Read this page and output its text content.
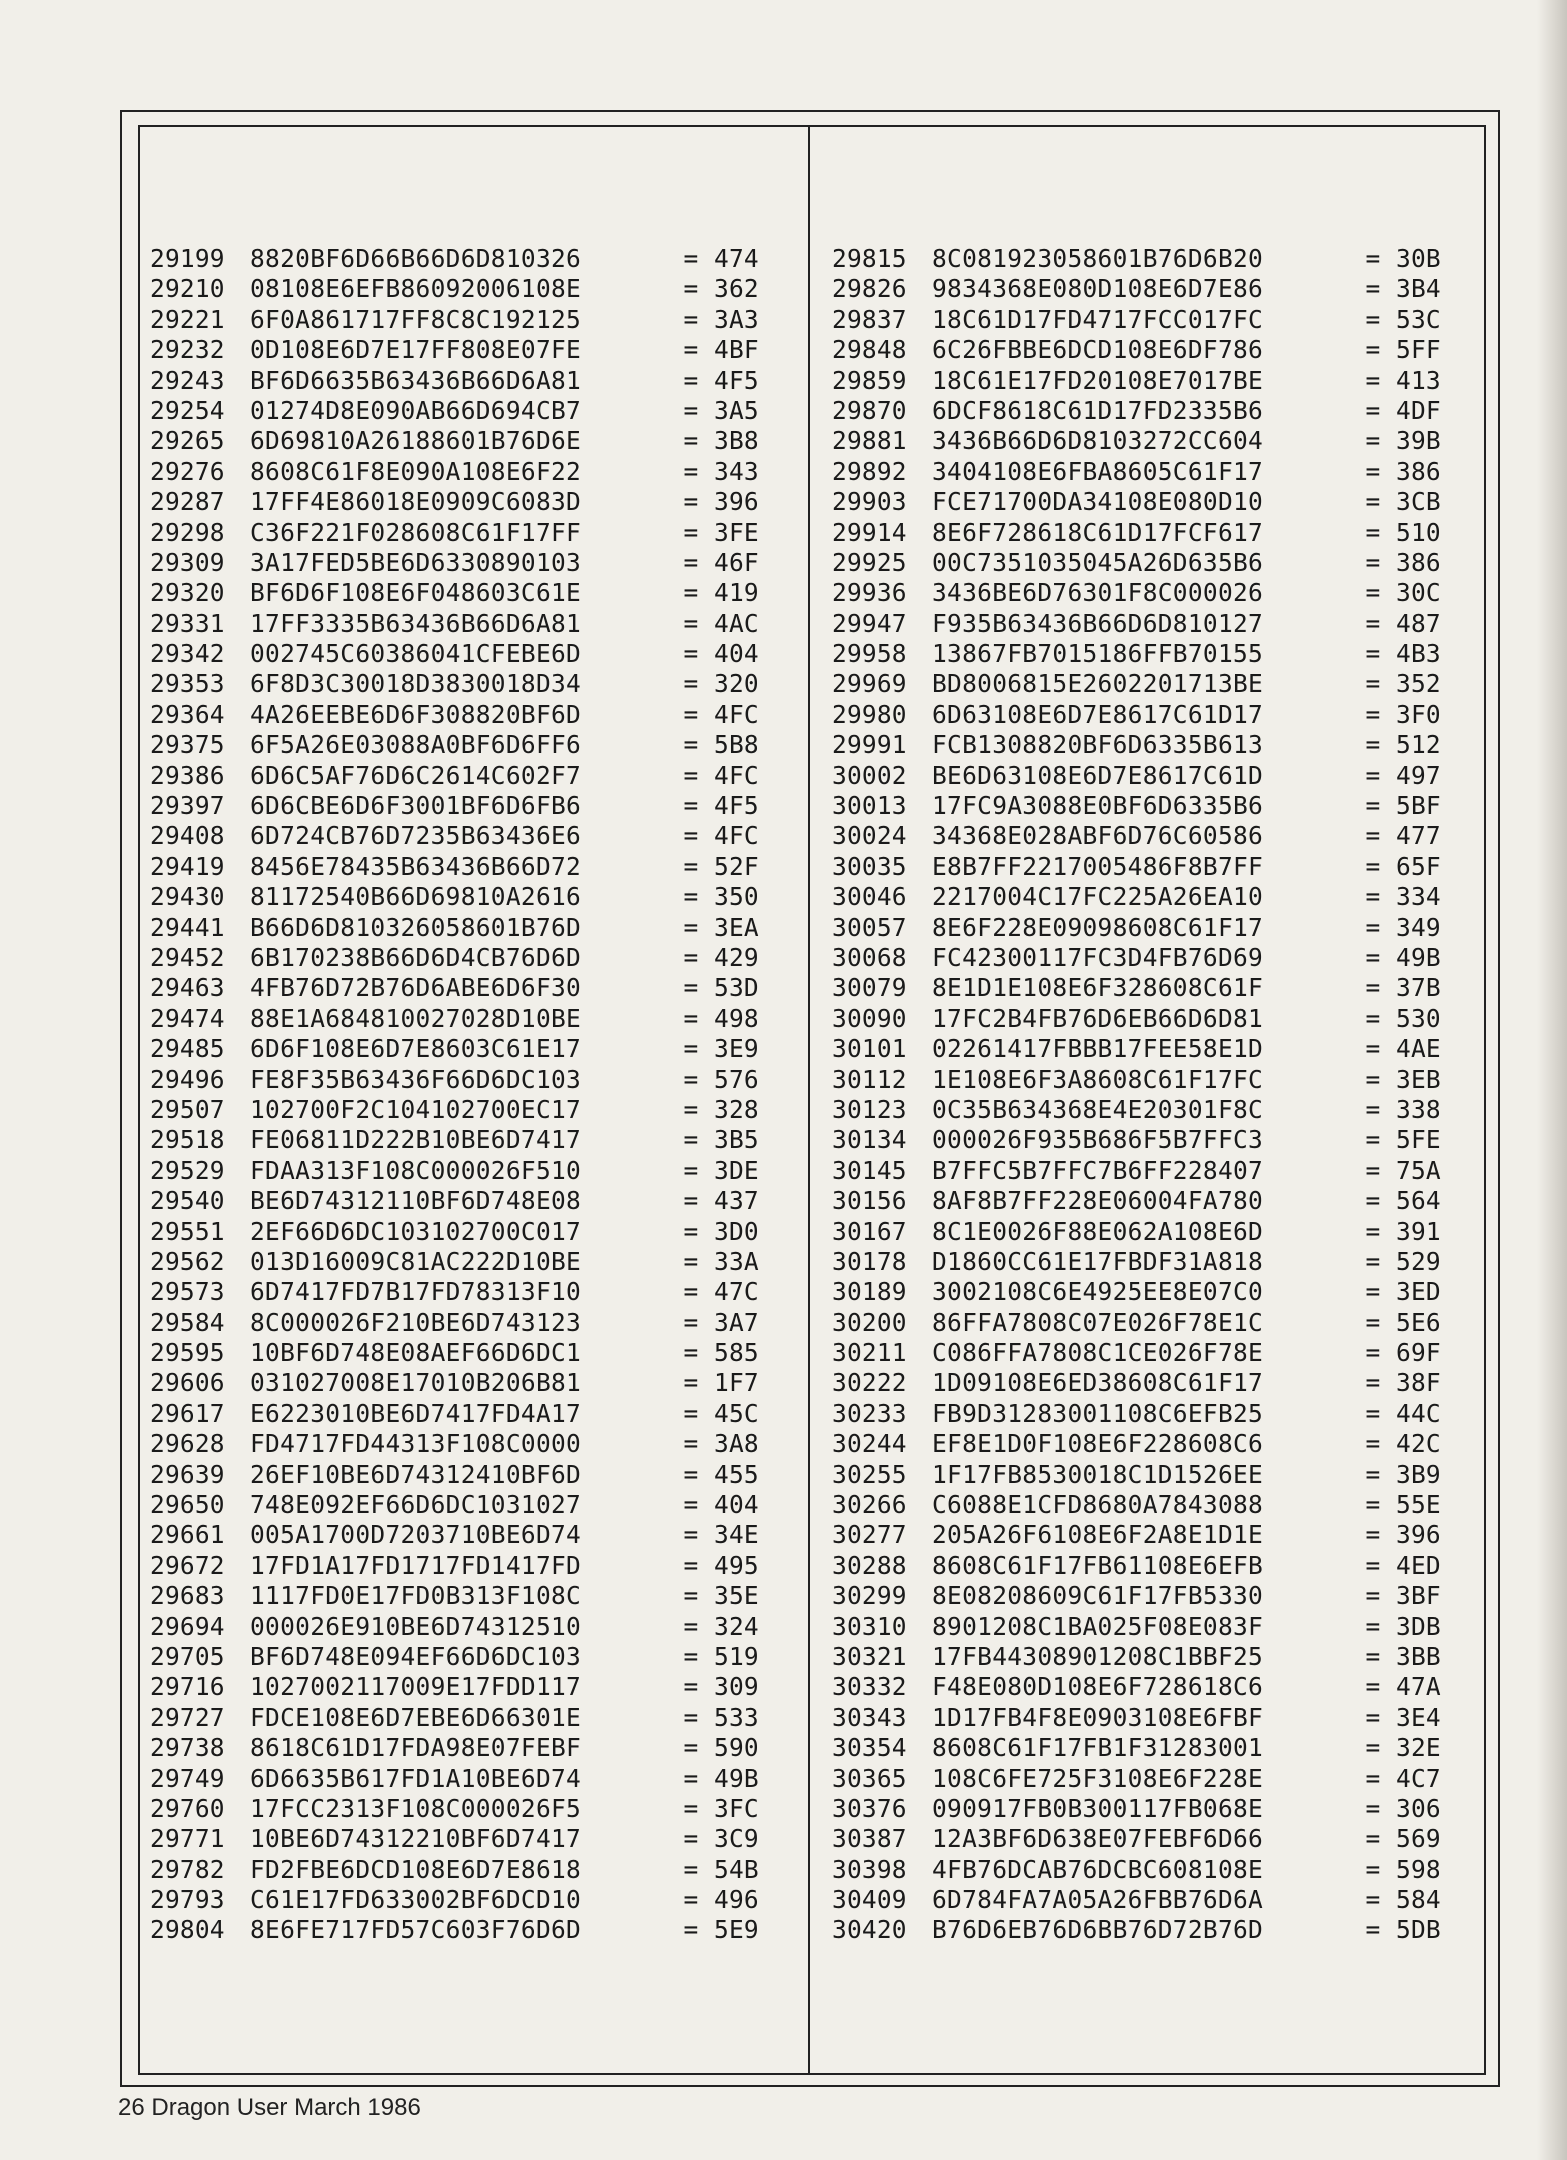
29199	8820BF6D66B66D6D810326	= 474
29210	08108E6EFB86092006108E	= 362
29221	6F0A861717FF8C8C192125	= 3A3
29232	0D108E6D7E17FF808E07FE	= 4BF
29243	BF6D6635B63436B66D6A81	= 4F5
29254	01274D8E090AB66D694CB7	= 3A5
29265	6D69810A26188601B76D6E	= 3B8
29276	8608C61F8E090A108E6F22	= 343
29287	17FF4E86018E0909C6083D	= 396
29298	C36F221F028608C61F17FF	= 3FE
29309	3A17FED5BE6D6330890103	= 46F
29320	BF6D6F108E6F048603C61E	= 419
29331	17FF3335B63436B66D6A81	= 4AC
29342	002745C60386041CFEBE6D	= 404
29353	6F8D3C30018D3830018D34	= 320
29364	4A26EEBE6D6F308820BF6D	= 4FC
29375	6F5A26E03088A0BF6D6FF6	= 5B8
29386	6D6C5AF76D6C2614C602F7	= 4FC
29397	6D6CBE6D6F3001BF6D6FB6	= 4F5
29408	6D724CB76D7235B63436E6	= 4FC
29419	8456E78435B63436B66D72	= 52F
29430	81172540B66D69810A2616	= 350
29441	B66D6D810326058601B76D	= 3EA
29452	6B170238B66D6D4CB76D6D	= 429
29463	4FB76D72B76D6ABE6D6F30	= 53D
29474	88E1A684810027028D10BE	= 498
29485	6D6F108E6D7E8603C61E17	= 3E9
29496	FE8F35B63436F66D6DC103	= 576
29507	102700F2C104102700EC17	= 328
29518	FE06811D222B10BE6D7417	= 3B5
29529	FDAA313F108C000026F510	= 3DE
29540	BE6D74312110BF6D748E08	= 437
29551	2EF66D6DC103102700C017	= 3D0
29562	013D16009C81AC222D10BE	= 33A
29573	6D7417FD7B17FD78313F10	= 47C
29584	8C000026F210BE6D743123	= 3A7
29595	10BF6D748E08AEF66D6DC1	= 585
29606	031027008E17010B206B81	= 1F7
29617	E6223010BE6D7417FD4A17	= 45C
29628	FD4717FD44313F108C0000	= 3A8
29639	26EF10BE6D74312410BF6D	= 455
29650	748E092EF66D6DC1031027	= 404
29661	005A1700D7203710BE6D74	= 34E
29672	17FD1A17FD1717FD1417FD	= 495
29683	1117FD0E17FD0B313F108C	= 35E
29694	000026E910BE6D74312510	= 324
29705	BF6D748E094EF66D6DC103	= 519
29716	1027002117009E17FDD117	= 309
29727	FDCE108E6D7EBE6D66301E	= 533
29738	8618C61D17FDA98E07FEBF	= 590
29749	6D6635B617FD1A10BE6D74	= 49B
29760	17FCC2313F108C000026F5	= 3FC
29771	10BE6D74312210BF6D7417	= 3C9
29782	FD2FBE6DCD108E6D7E8618	= 54B
29793	C61E17FD633002BF6DCD10	= 496
29804	8E6FE717FD57C603F76D6D	= 5E9
29815	8C081923058601B76D6B20	= 30B
29826	9834368E080D108E6D7E86	= 3B4
29837	18C61D17FD4717FCC017FC	= 53C
29848	6C26FBBE6DCD108E6DF786	= 5FF
29859	18C61E17FD20108E7017BE	= 413
29870	6DCF8618C61D17FD2335B6	= 4DF
29881	3436B66D6D8103272CC604	= 39B
29892	3404108E6FBA8605C61F17	= 386
29903	FCE71700DA34108E080D10	= 3CB
29914	8E6F728618C61D17FCF617	= 510
29925	00C7351035045A26D635B6	= 386
29936	3436BE6D76301F8C000026	= 30C
29947	F935B63436B66D6D810127	= 487
29958	13867FB7015186FFB70155	= 4B3
29969	BD8006815E2602201713BE	= 352
29980	6D63108E6D7E8617C61D17	= 3F0
29991	FCB1308820BF6D6335B613	= 512
30002	BE6D63108E6D7E8617C61D	= 497
30013	17FC9A3088E0BF6D6335B6	= 5BF
30024	34368E028ABF6D76C60586	= 477
30035	E8B7FF2217005486F8B7FF	= 65F
30046	2217004C17FC225A26EA10	= 334
30057	8E6F228E09098608C61F17	= 349
30068	FC42300117FC3D4FB76D69	= 49B
30079	8E1D1E108E6F328608C61F	= 37B
30090	17FC2B4FB76D6EB66D6D81	= 530
30101	02261417FBBB17FEE58E1D	= 4AE
30112	1E108E6F3A8608C61F17FC	= 3EB
30123	0C35B634368E4E20301F8C	= 338
30134	000026F935B686F5B7FFC3	= 5FE
30145	B7FFC5B7FFC7B6FF228407	= 75A
30156	8AF8B7FF228E06004FA780	= 564
30167	8C1E0026F88E062A108E6D	= 391
30178	D1860CC61E17FBDF31A818	= 529
30189	3002108C6E4925EE8E07C0	= 3ED
30200	86FFA7808C07E026F78E1C	= 5E6
30211	C086FFA7808C1CE026F78E	= 69F
30222	1D09108E6ED38608C61F17	= 38F
30233	FB9D31283001108C6EFB25	= 44C
30244	EF8E1D0F108E6F228608C6	= 42C
30255	1F17FB8530018C1D1526EE	= 3B9
30266	C6088E1CFD8680A7843088	= 55E
30277	205A26F6108E6F2A8E1D1E	= 396
30288	8608C61F17FB61108E6EFB	= 4ED
30299	8E08208609C61F17FB5330	= 3BF
30310	8901208C1BA025F08E083F	= 3DB
30321	17FB44308901208C1BBF25	= 3BB
30332	F48E080D108E6F728618C6	= 47A
30343	1D17FB4F8E0903108E6FBF	= 3E4
30354	8608C61F17FB1F31283001	= 32E
30365	108C6FE725F3108E6F228E	= 4C7
30376	090917FB0B300117FB068E	= 306
30387	12A3BF6D638E07FEBF6D66	= 569
30398	4FB76DCAB76DCBC608108E	= 598
30409	6D784FA7A05A26FBB76D6A	= 584
30420	B76D6EB76D6BB76D72B76D	= 5DB
26 Dragon User March 1986
